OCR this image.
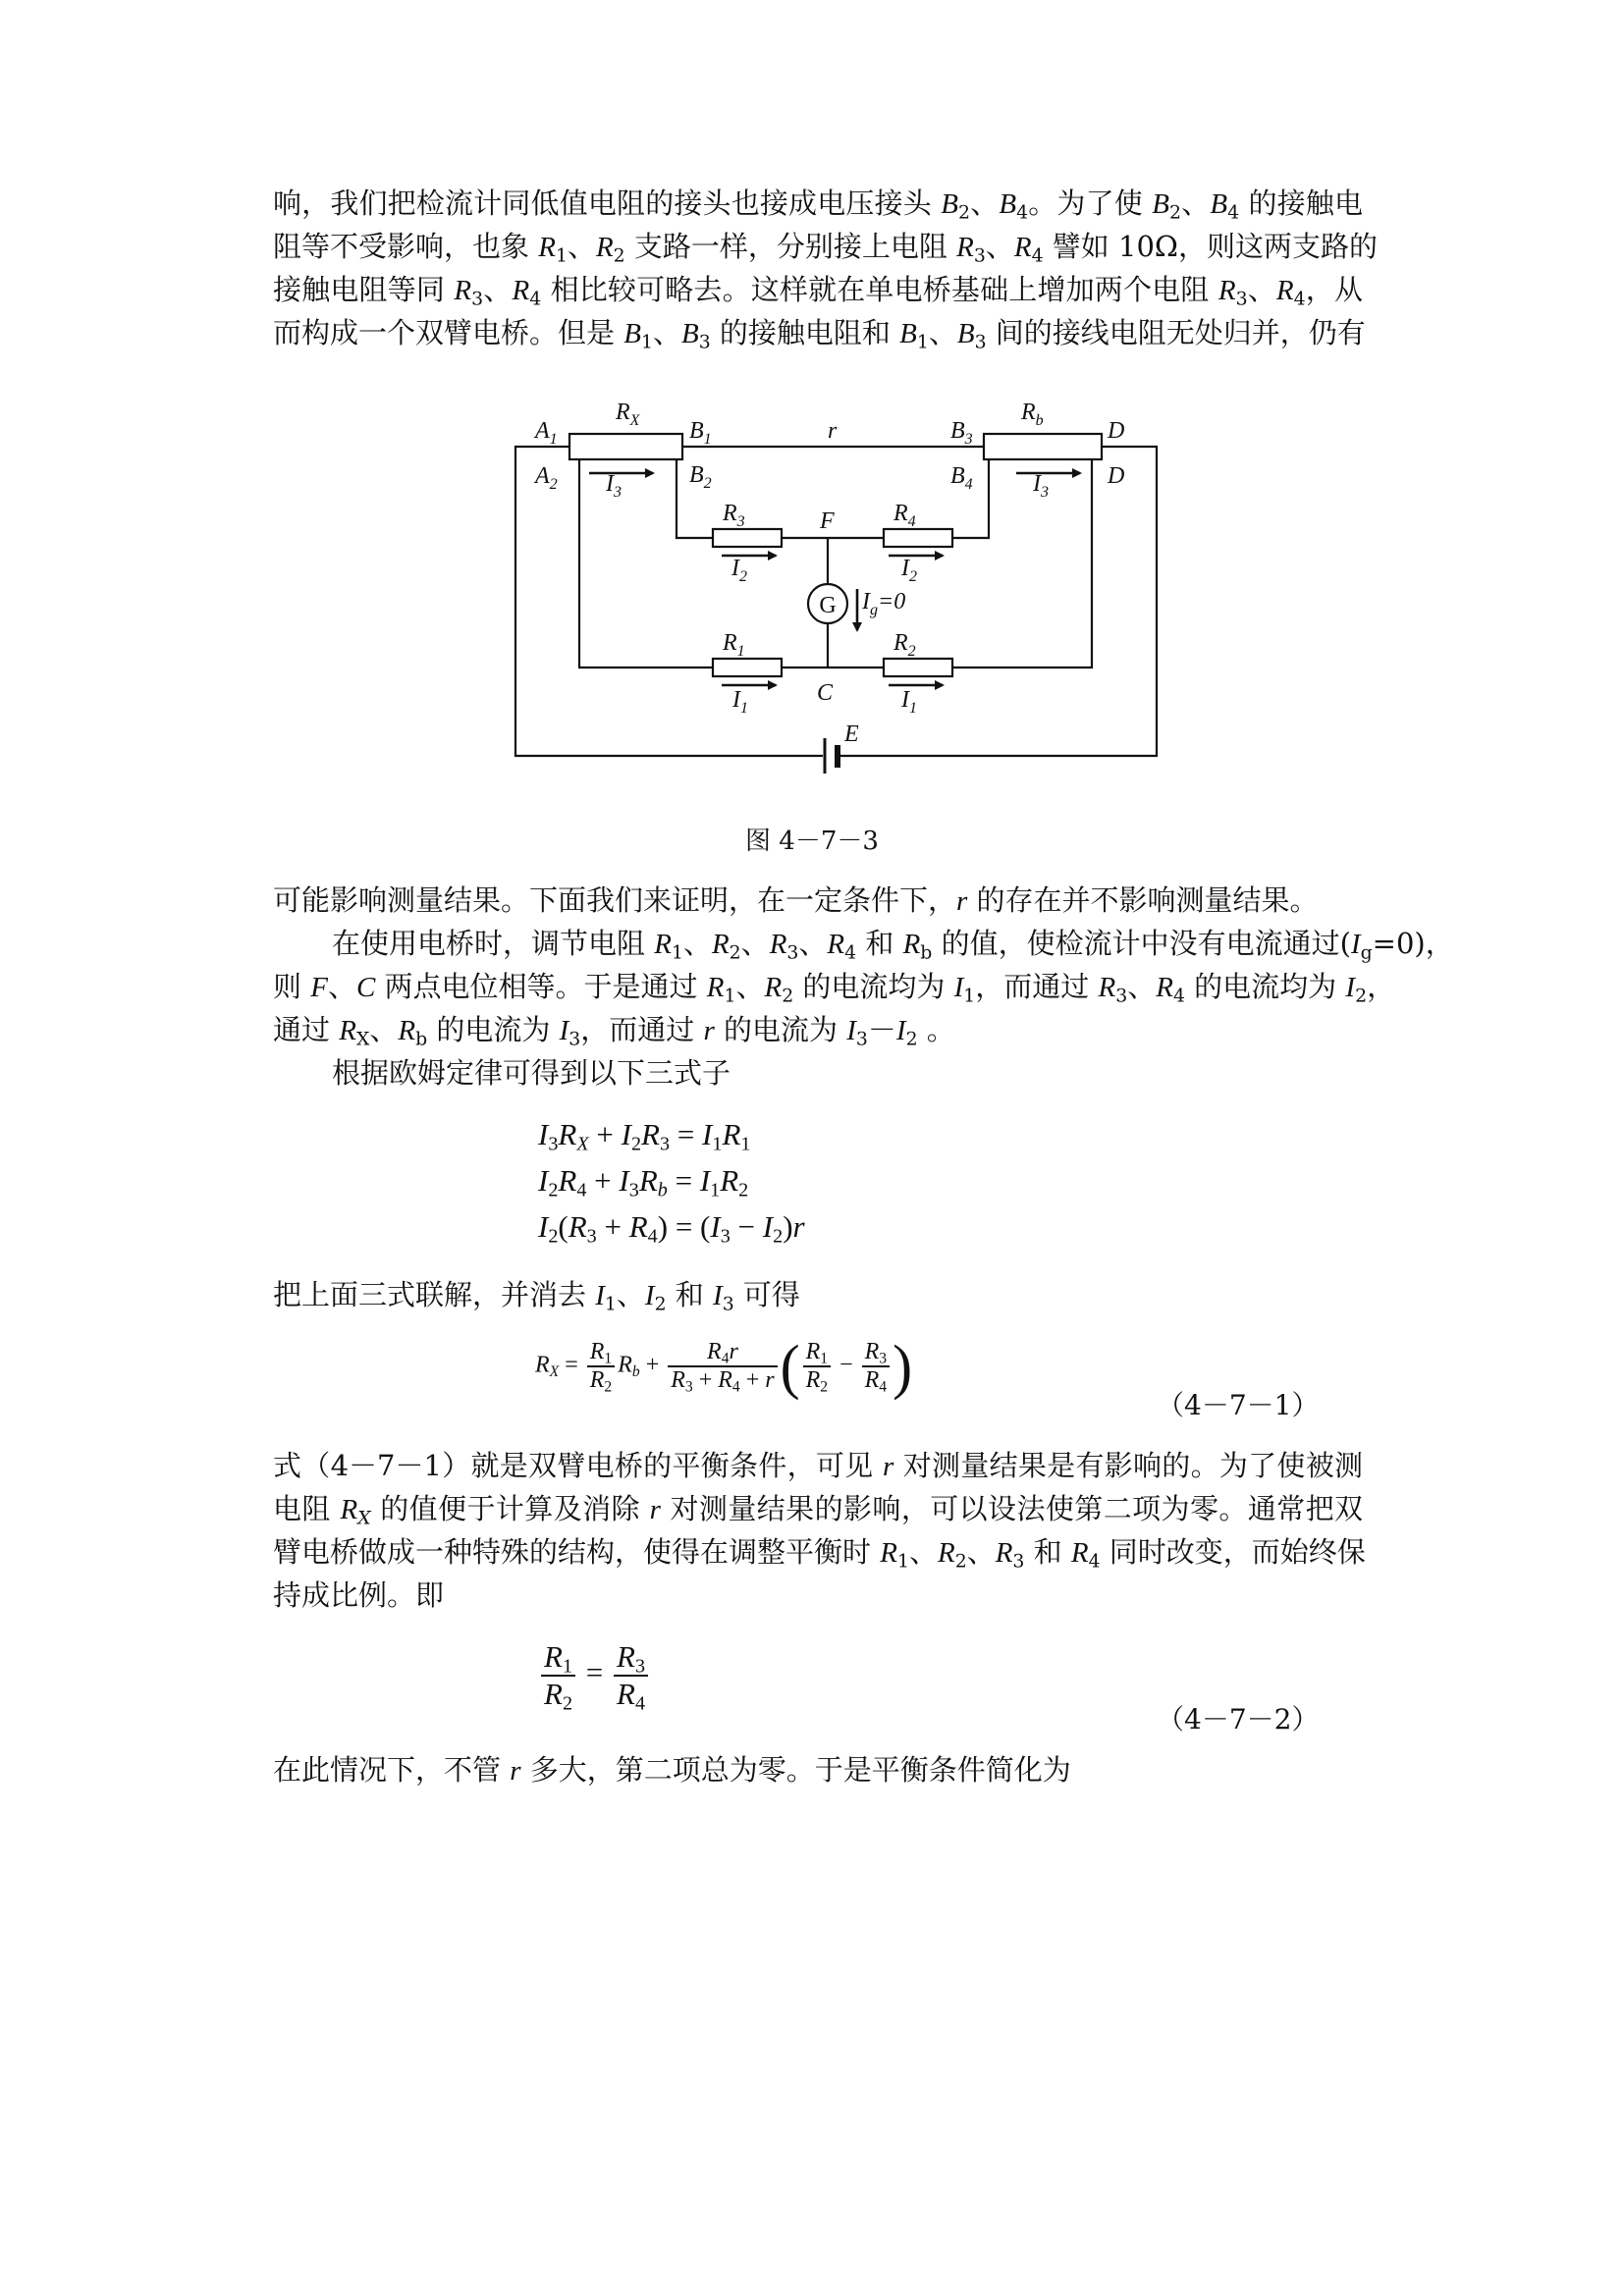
响，我们把检流计同低值电阻的接头也接成电压接头 $B_2$、$B_4$。为了使 $B_2$、$B_4$ 的接触电
阻等不受影响，也象 $R_1$、$R_2$ 支路一样，分别接上电阻 $R_3$、$R_4$ 譬如 10Ω，则这两支路的
接触电阻等同 $R_3$、$R_4$ 相比较可略去。这样就在单电桥基础上增加两个电阻 $R_3$、$R_4$，从
而构成一个双臂电桥。但是 $B_1$、$B_3$ 的接触电阻和 $B_1$、$B_3$ 间的接线电阻无处归并，仍有
G
$A_1$
$A_2$
$R_X$ $B_1$
$B_2$
r	$B_3$
$B_4$
$R_b$	D
D
$I_3$	$I_3$
$R_3$	F	$R_4$
$I_2$	$I_2$
$I_g=0$
$R_1$	$R_2$
C
$I_1$	$I_1$
E
图 4－7－3
可能影响测量结果。下面我们来证明，在一定条件下，r 的存在并不影响测量结果。
在使用电桥时，调节电阻 $R_1$、$R_2$、$R_3$、$R_4$ 和 $R_b$ 的值，使检流计中没有电流通过$(I_g=0)$，
则 F、C 两点电位相等。于是通过 $R_1$、$R_2$ 的电流均为 $I_1$，而通过 $R_3$、$R_4$ 的电流均为 $I_2$，
通过 $R_X$、$R_b$ 的电流为 $I_3$，而通过 r 的电流为 $I_3-I_2$ 。
根据欧姆定律可得到以下三式子
$I_3R_X + I_2R_3 = I_1R_1$
$I_2R_4 + I_3R_b = I_1R_2$
$I_2(R_3 + R_4) = (I_3 - I_2)r$
把上面三式联解，并消去 $I_1$、$I_2$ 和 $I_3$ 可得
$R_X = \frac{R_1}{R_2} R_b + \frac{R_4r}{R_3 + R_4 + r}$ ( $\frac{R_1}{R_2} - \frac{R_3}{R_4}$ )
（4－7－1）
式（4－7－1）就是双臂电桥的平衡条件，可见 r 对测量结果是有影响的。为了使被测
电阻 $R_X$ 的值便于计算及消除 r 对测量结果的影响，可以设法使第二项为零。通常把双
臂电桥做成一种特殊的结构，使得在调整平衡时 $R_1$、$R_2$、$R_3$ 和 $R_4$ 同时改变，而始终保
持成比例。即
$\frac{R_1}{R_2} = \frac{R_3}{R_4}$
（4－7－2）
在此情况下，不管 r 多大，第二项总为零。于是平衡条件简化为
